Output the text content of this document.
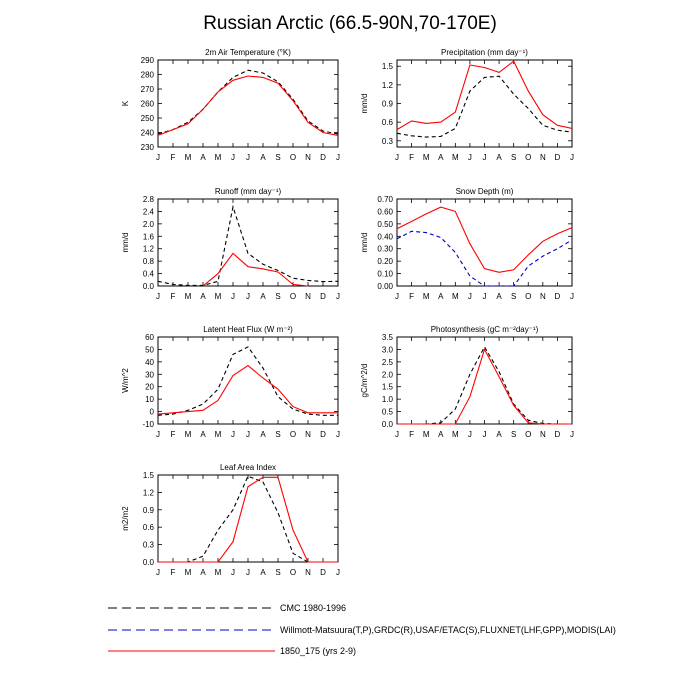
Russian Arctic (66.5-90N,70-170E)
2m Air Temperature (°K)
K
230
240
250
260
270
280
290
J F M A M J J A S O N D J
Precipitation (mm day⁻¹)
mm/d
0.3
0.6
0.9
1.2
1.5
J F M A M J J A S O N D J
Runoff (mm day⁻¹)
mm/d
0.0
0.4
0.8
1.2
1.6
2.0
2.4
2.8
J F M A M J J A S O N D J
Snow Depth (m)
mm/d
0.00
0.10
0.20
0.30
0.40
0.50
0.60
0.70
J F M A M J J A S O N D J
Latent Heat Flux (W m⁻²)
W/m^2
-10
0
10
20
30
40
50
60
J F M A M J J A S O N D J
Photosynthesis (gC m⁻²day⁻¹)
gC/m^2/d
0.0
0.5
1.0
1.5
2.0
2.5
3.0
3.5
J F M A M J J A S O N D J
Leaf Area Index
m2/m2
0.0
0.3
0.6
0.9
1.2
1.5
J F M A M J J A S O N D J
CMC 1980-1996
Willmott-Matsuura(T,P),GRDC(R),USAF/ETAC(S),FLUXNET(LHF,GPP),MODIS(LAI)
1850_175 (yrs 2-9)
